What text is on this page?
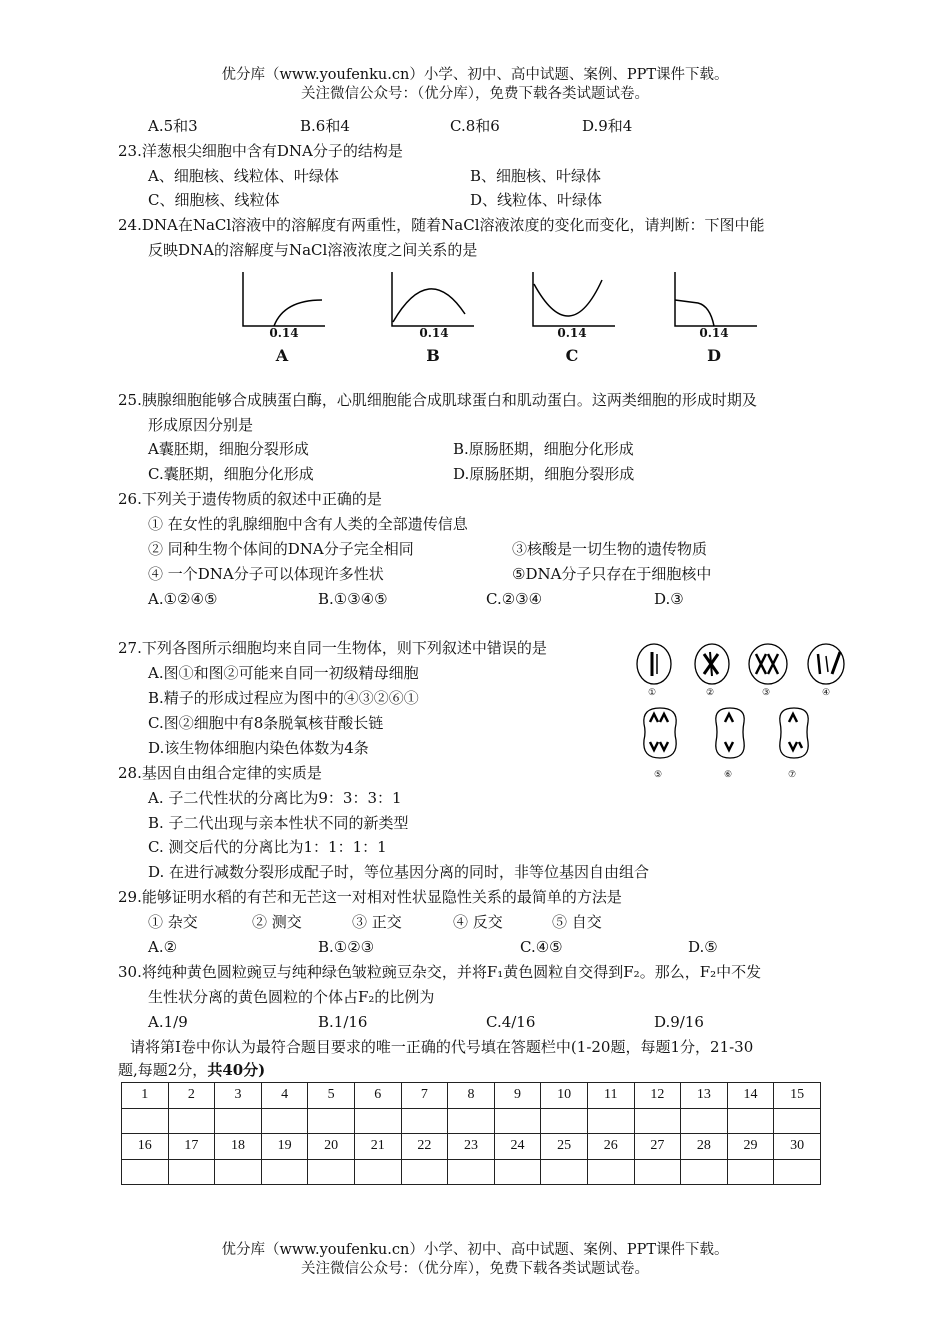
优分库（www.youfenku.cn）小学、初中、高中试题、案例、PPT课件下载。
关注微信公众号：（优分库），免费下载各类试题试卷。
A.5和3	B.6和4	C.8和6	D.9和4
23.洋葱根尖细胞中含有DNA分子的结构是
A、细胞核、线粒体、叶绿体	B、细胞核、叶绿体
C、细胞核、线粒体	D、线粒体、叶绿体
24.DNA在NaCl溶液中的溶解度有两重性，随着NaCl溶液浓度的变化而变化，请判断：下图中能
反映DNA的溶解度与NaCl溶液浓度之间关系的是
0.14
A
0.14
B
0.14
C
0.14
D
25.胰腺细胞能够合成胰蛋白酶，心肌细胞能合成肌球蛋白和肌动蛋白。这两类细胞的形成时期及
形成原因分别是
A囊胚期，细胞分裂形成	B.原肠胚期，细胞分化形成
C.囊胚期，细胞分化形成	D.原肠胚期，细胞分裂形成
26.下列关于遗传物质的叙述中正确的是
① 在女性的乳腺细胞中含有人类的全部遗传信息
② 同种生物个体间的DNA分子完全相同	③核酸是一切生物的遗传物质
④ 一个DNA分子可以体现许多性状	⑤DNA分子只存在于细胞核中
A.①②④⑤	B.①③④⑤	C.②③④	D.③
27.下列各图所示细胞均来自同一生物体，则下列叙述中错误的是
A.图①和图②可能来自同一初级精母细胞
B.精子的形成过程应为图中的④③②⑥①
C.图②细胞中有8条脱氧核苷酸长链
D.该生物体细胞内染色体数为4条
①	②	③	④
⑤	⑥	⑦
28.基因自由组合定律的实质是
A. 子二代性状的分离比为9：3：3：1
B. 子二代出现与亲本性状不同的新类型
C. 测交后代的分离比为1：1：1：1
D. 在进行减数分裂形成配子时，等位基因分离的同时，非等位基因自由组合
29.能够证明水稻的有芒和无芒这一对相对性状显隐性关系的最简单的方法是
① 杂交	② 测交	③ 正交	④ 反交	⑤ 自交
A.②	B.①②③	C.④⑤	D.⑤
30.将纯种黄色圆粒豌豆与纯种绿色皱粒豌豆杂交，并将F₁黄色圆粒自交得到F₂。那么，F₂中不发
生性状分离的黄色圆粒的个体占F₂的比例为
A.1/9	B.1/16	C.4/16	D.9/16
请将第Ⅰ卷中你认为最符合题目要求的唯一正确的代号填在答题栏中(1-20题，每题1分，21-30
题,每题2分，共40分)
1	2	3	4	5	6	7	8	9	10	11	12	13	14	15

16	17	18	19	20	21	22	23	24	25	26	27	28	29	30

优分库（www.youfenku.cn）小学、初中、高中试题、案例、PPT课件下载。
关注微信公众号：（优分库），免费下载各类试题试卷。
